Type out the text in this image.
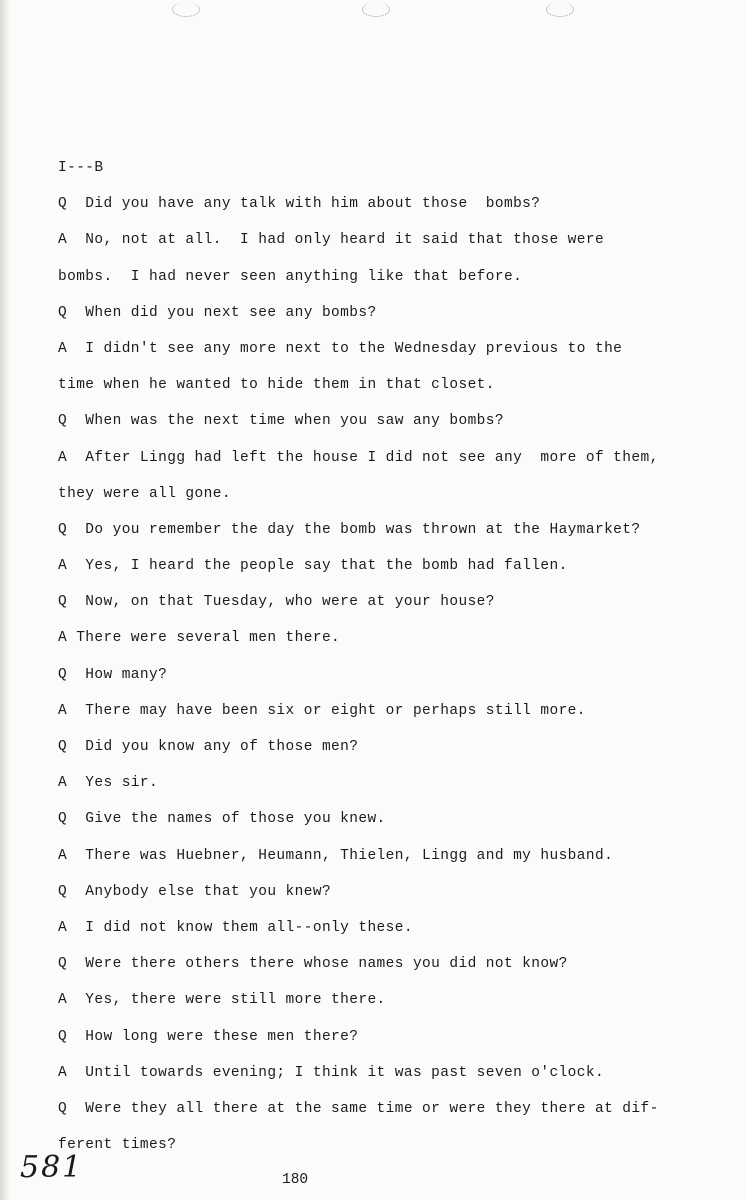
I---B
Q  Did you have any talk with him about those  bombs?
A  No, not at all.  I had only heard it said that those were
bombs.  I had never seen anything like that before.
Q  When did you next see any bombs?
A  I didn't see any more next to the Wednesday previous to the
time when he wanted to hide them in that closet.
Q  When was the next time when you saw any bombs?
A  After Lingg had left the house I did not see any  more of them,
they were all gone.
Q  Do you remember the day the bomb was thrown at the Haymarket?
A  Yes, I heard the people say that the bomb had fallen.
Q  Now, on that Tuesday, who were at your house?
A There were several men there.
Q  How many?
A  There may have been six or eight or perhaps still more.
Q  Did you know any of those men?
A  Yes sir.
Q  Give the names of those you knew.
A  There was Huebner, Heumann, Thielen, Lingg and my husband.
Q  Anybody else that you knew?
A  I did not know them all--only these.
Q  Were there others there whose names you did not know?
A  Yes, there were still more there.
Q  How long were these men there?
A  Until towards evening; I think it was past seven o'clock.
Q  Were they all there at the same time or were they there at dif-
ferent times?
180
581
